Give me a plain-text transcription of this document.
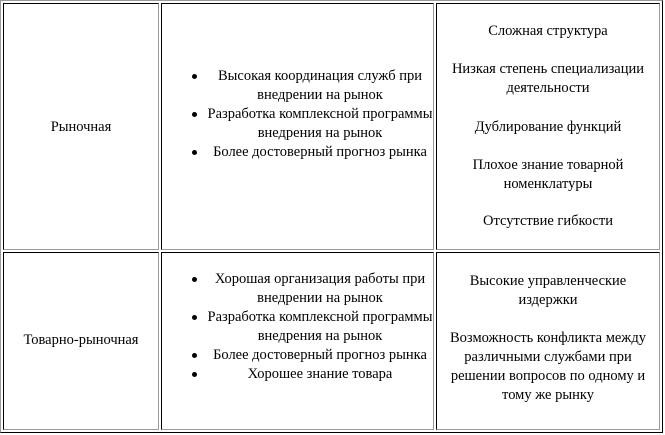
Рыночная
Высокая координация служб при внедрении на рынок
Разработка комплексной программы внедрения на рынок
Более достоверный прогноз рынка

Сложная структура

Низкая степень специализации деятельности

Дублирование функций

Плохое знание товарной номенклатуры

Отсутствие гибкости

Товарно-рыночная
Хорошая организация работы при внедрении на рынок
Разработка комплексной программы внедрения на рынок
Более достоверный прогноз рынка
Хорошее знание товара

Высокие управленческие издержки

Возможность конфликта между различными службами при решении вопросов по одному и тому же рынку
